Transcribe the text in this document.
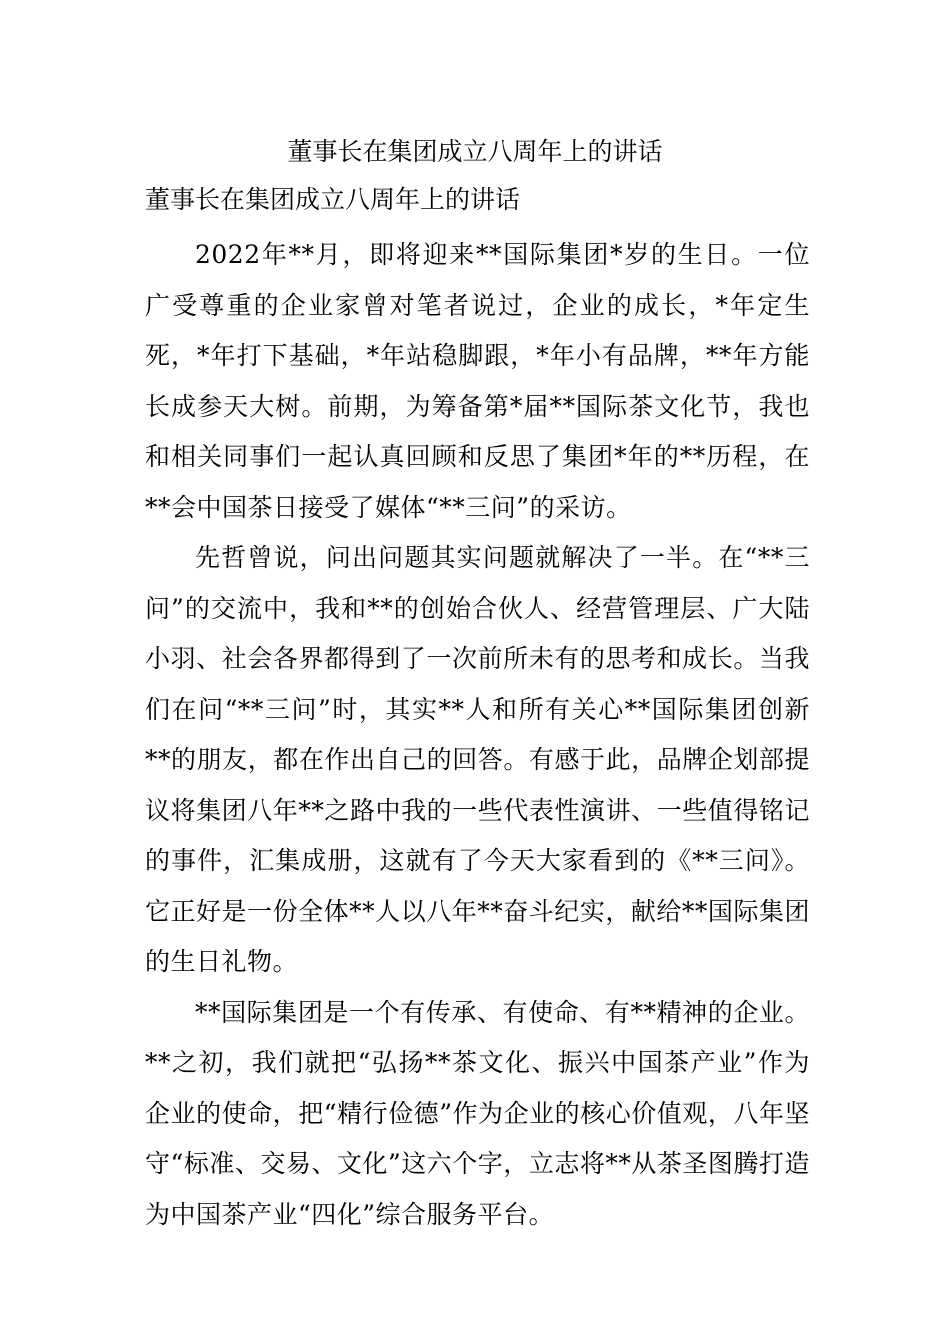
董事长在集团成立八周年上的讲话
董事长在集团成立八周年上的讲话

2022年**月，即将迎来**国际集团*岁的生日。一位广受尊重的企业家曾对笔者说过，企业的成长，*年定生死，*年打下基础，*年站稳脚跟，*年小有品牌，**年方能长成参天大树。前期，为筹备第*届**国际茶文化节，我也和相关同事们一起认真回顾和反思了集团*年的**历程，在**会中国茶日接受了媒体“**三问”的采访。

先哲曾说，问出问题其实问题就解决了一半。在“**三问”的交流中，我和**的创始合伙人、经营管理层、广大陆小羽、社会各界都得到了一次前所未有的思考和成长。当我们在问“**三问”时，其实**人和所有关心**国际集团创新**的朋友，都在作出自己的回答。有感于此，品牌企划部提议将集团八年**之路中我的一些代表性演讲、一些值得铭记的事件，汇集成册，这就有了今天大家看到的《**三问》。它正好是一份全体**人以八年**奋斗纪实，献给**国际集团的生日礼物。

**国际集团是一个有传承、有使命、有**精神的企业。**之初，我们就把“弘扬**茶文化、振兴中国茶产业”作为企业的使命，把“精行俭德”作为企业的核心价值观，八年坚守“标准、交易、文化”这六个字，立志将**从茶圣图腾打造为中国茶产业“四化”综合服务平台。
